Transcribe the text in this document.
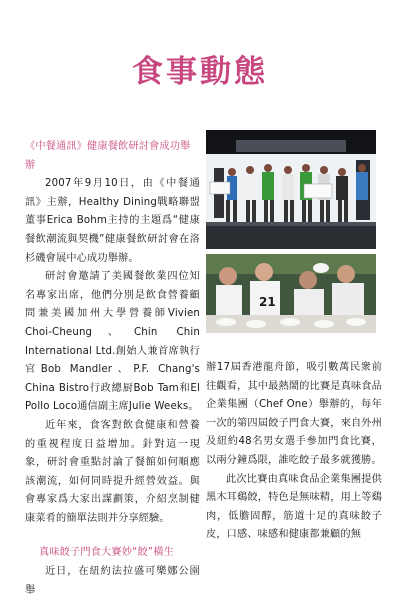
食事動態

《中餐通訊》健康餐飲研討會成功舉辦

2007年9月10日，由《中餐通訊》主辦，Healthy Dining戰略聯盟董事Erica Bohm主持的主題爲“健康餐飲潮流與契機”健康餐飲研討會在洛杉磯會展中心成功舉辦。

研討會邀請了美國餐飲業四位知名專家出席，他們分別是飲食營養顧問兼美國加州大學營養師Vivien Choi-Cheung、Chin Chin International Ltd.創始人兼首席執行官Bob Mandler、P.F. Chang's China Bistro行政總厨Bob Tam和El Pollo Loco通信副主席Julie Weeks。

近年來，食客對飲食健康和營養的重視程度日益增加。針對這一現象，研討會重點討論了餐館如何順應該潮流，如何同時提升經營效益。與會專家爲大家出謀劃策，介紹烹制健康菜肴的簡單法則并分享經驗。

真味餃子門食大賽妙“餃”橫生

近日，在紐約法拉盛可樂娜公園舉

21

辦17屆香港龍舟節，吸引數萬民衆前往觀看，其中最熱鬧的比賽是真味食品企業集團（Chef One）舉辦的，每年一次的第四屆餃子門食大賽，來自外州及紐約48名男女選手參加門食比賽，以兩分鐘爲限，誰吃餃子最多就獲勝。

此次比賽由真味食品企業集團提供黑木耳鷄餃，特色是無味精，用上等鷄肉，低膽固醇，筋道十足的真味餃子皮，口感、味感和健康都兼顧的無
